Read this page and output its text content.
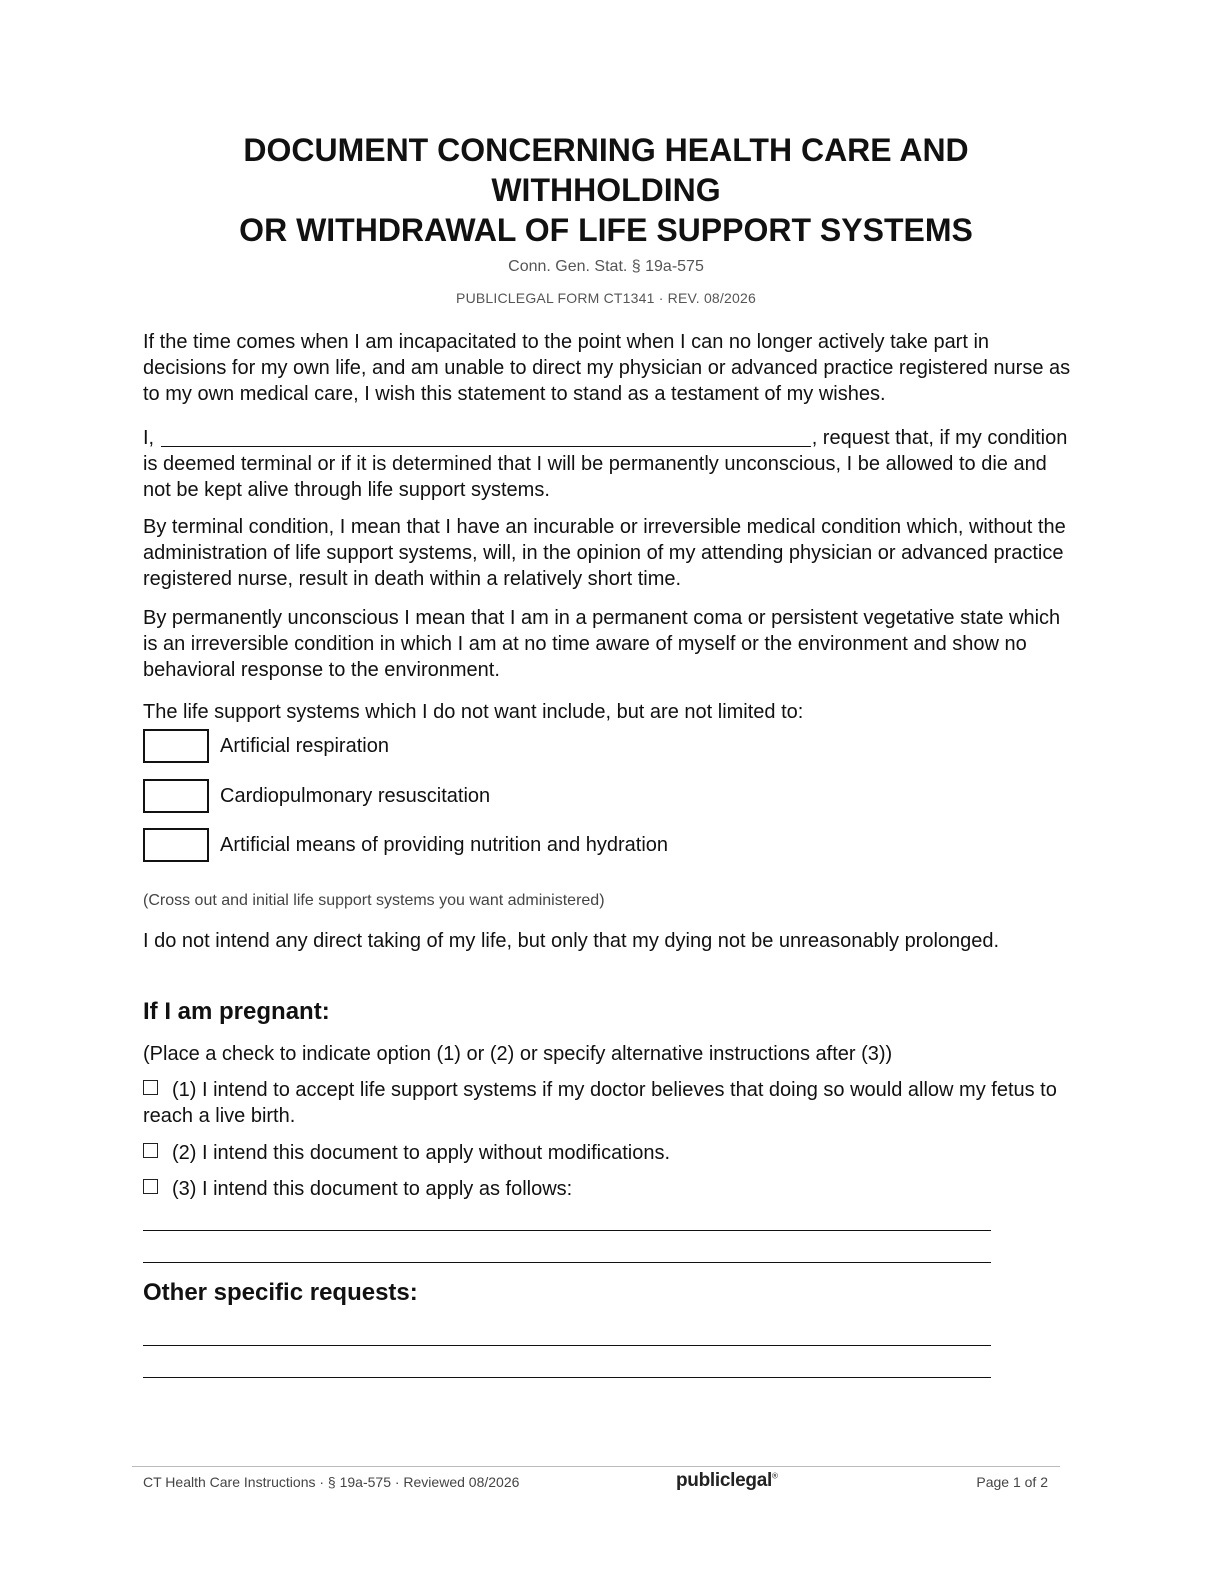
DOCUMENT CONCERNING HEALTH CARE AND
WITHHOLDING
OR WITHDRAWAL OF LIFE SUPPORT SYSTEMS
Conn. Gen. Stat. § 19a-575
PUBLICLEGAL FORM CT1341 · REV. 08/2026

If the time comes when I am incapacitated to the point when I can no longer actively take part in decisions for my own life, and am unable to direct my physician or advanced practice registered nurse as to my own medical care, I wish this statement to stand as a testament of my wishes.

I,	, request that, if my condition is deemed terminal or if it is determined that I will be permanently unconscious, I be allowed to die and not be kept alive through life support systems.

By terminal condition, I mean that I have an incurable or irreversible medical condition which, without the administration of life support systems, will, in the opinion of my attending physician or advanced practice registered nurse, result in death within a relatively short time.

By permanently unconscious I mean that I am in a permanent coma or persistent vegetative state which is an irreversible condition in which I am at no time aware of myself or the environment and show no behavioral response to the environment.

The life support systems which I do not want include, but are not limited to:

Artificial respiration
Cardiopulmonary resuscitation
Artificial means of providing nutrition and hydration
(Cross out and initial life support systems you want administered)

I do not intend any direct taking of my life, but only that my dying not be unreasonably prolonged.

If I am pregnant:
(Place a check to indicate option (1) or (2) or specify alternative instructions after (3))
(1) I intend to accept life support systems if my doctor believes that doing so would allow my fetus to reach a live birth.
(2) I intend this document to apply without modifications.
(3) I intend this document to apply as follows:
Other specific requests:
CT Health Care Instructions · § 19a-575 · Reviewed 08/2026	publiclegal®	Page 1 of 2
